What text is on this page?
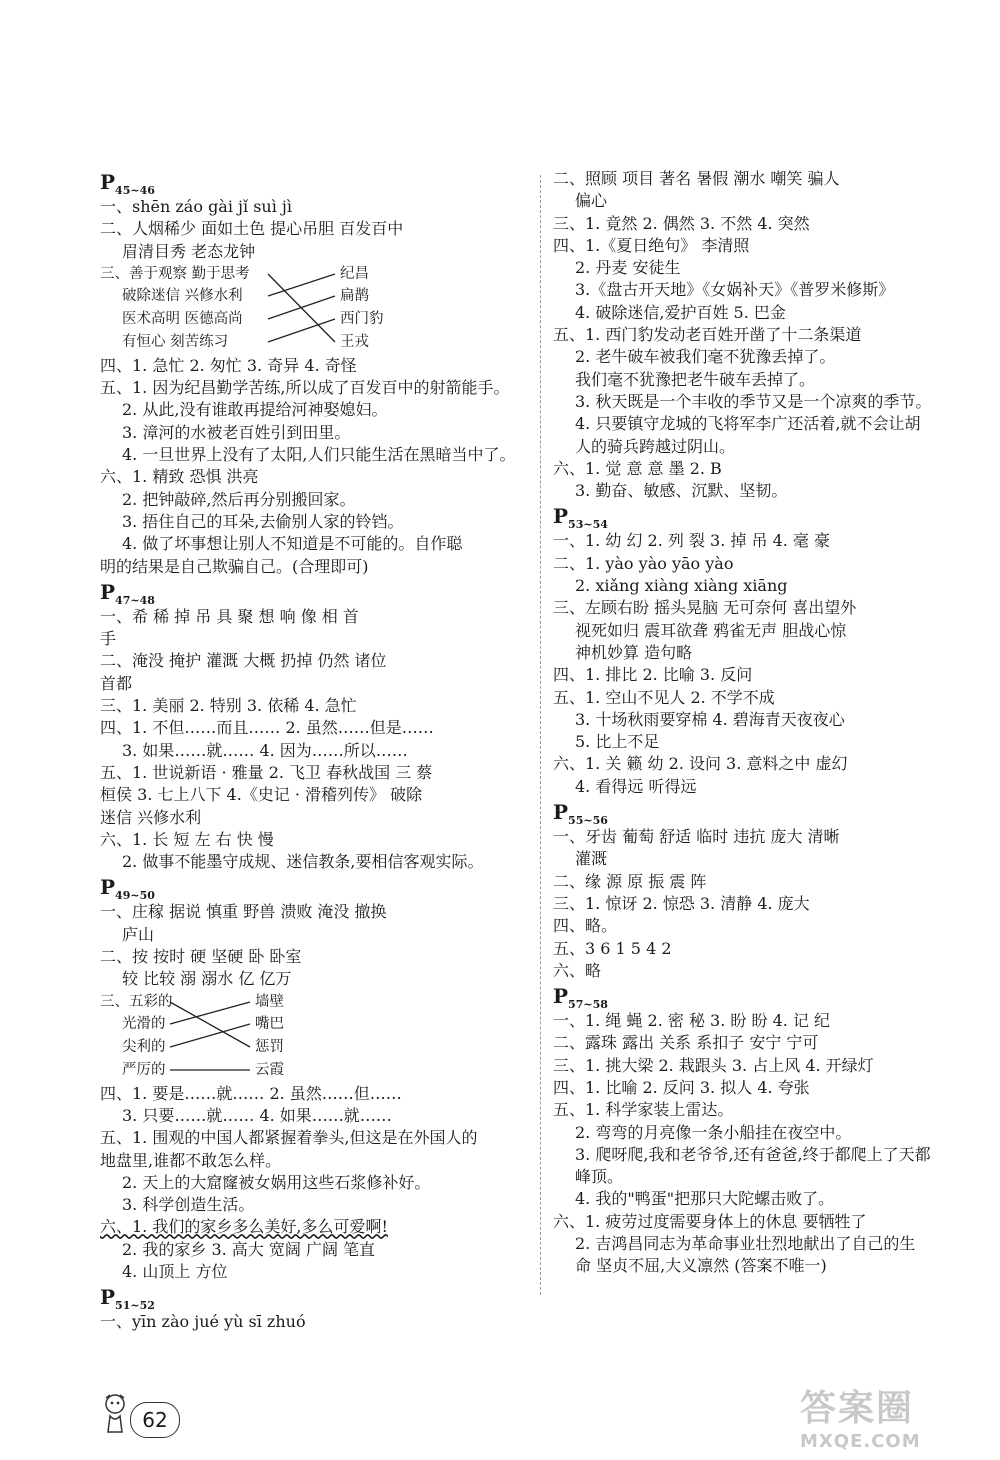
$P_{45\sim 46}$
一、shēn záo gài jǐ suì jì
二、人烟稀少 面如土色 提心吊胆 百发百中
眉清目秀 老态龙钟
三、善于观察 勤于思考
破除迷信 兴修水利
医术高明 医德高尚
有恒心 刻苦练习
纪昌
扁鹊
西门豹
王戎
四、1. 急忙 2. 匆忙 3. 奇异 4. 奇怪
五、1. 因为纪昌勤学苦练,所以成了百发百中的射箭能手。
2. 从此,没有谁敢再提给河神娶媳妇。
3. 漳河的水被老百姓引到田里。
4. 一旦世界上没有了太阳,人们只能生活在黑暗当中了。
六、1. 精致 恐惧 洪亮
2. 把钟敲碎,然后再分别搬回家。
3. 捂住自己的耳朵,去偷别人家的铃铛。
4. 做了坏事想让别人不知道是不可能的。自作聪
明的结果是自己欺骗自己。(合理即可)
$P_{47\sim 48}$
一、希 稀 掉 吊 具 聚 想 响 像 相 首
手
二、淹没 掩护 灌溉 大概 扔掉 仍然 诸位
首都
三、1. 美丽 2. 特别 3. 依稀 4. 急忙
四、1. 不但……而且…… 2. 虽然……但是……
3. 如果……就…… 4. 因为……所以……
五、1. 世说新语 · 雅量 2. 飞卫 春秋战国 三 蔡
桓侯 3. 七上八下 4.《史记 · 滑稽列传》 破除
迷信 兴修水利
六、1. 长 短 左 右 快 慢
2. 做事不能墨守成规、迷信教条,要相信客观实际。
$P_{49\sim 50}$
一、庄稼 据说 慎重 野兽 溃败 淹没 撤换
庐山
二、按 按时 硬 坚硬 卧 卧室
较 比较 溺 溺水 亿 亿万
三、五彩的
光滑的
尖利的
严厉的
墙壁
嘴巴
惩罚
云霞
四、1. 要是……就…… 2. 虽然……但……
3. 只要……就…… 4. 如果……就……
五、1. 围观的中国人都紧握着拳头,但这是在外国人的
地盘里,谁都不敢怎么样。
2. 天上的大窟窿被女娲用这些石浆修补好。
3. 科学创造生活。
六、1. 我们的家乡多么美好,多么可爱啊!
2. 我的家乡 3. 高大 宽阔 广阔 笔直
4. 山顶上 方位
$P_{51\sim 52}$
一、yīn zào jué yù sī zhuó
二、照顾 项目 著名 暑假 潮水 嘲笑 骗人
偏心
三、1. 竟然 2. 偶然 3. 不然 4. 突然
四、1.《夏日绝句》 李清照
2. 丹麦 安徒生
3.《盘古开天地》《女娲补天》《普罗米修斯》
4. 破除迷信,爱护百姓 5. 巴金
五、1. 西门豹发动老百姓开凿了十二条渠道
2. 老牛破车被我们毫不犹豫丢掉了。
我们毫不犹豫把老牛破车丢掉了。
3. 秋天既是一个丰收的季节又是一个凉爽的季节。
4. 只要镇守龙城的飞将军李广还活着,就不会让胡
人的骑兵跨越过阴山。
六、1. 觉 意 意 墨 2. B
3. 勤奋、敏感、沉默、坚韧。
$P_{53\sim 54}$
一、1. 幼 幻 2. 列 裂 3. 掉 吊 4. 毫 豪
二、1. yào yào yāo yào
2. xiǎng xiàng xiàng xiāng
三、左顾右盼 摇头晃脑 无可奈何 喜出望外
视死如归 震耳欲聋 鸦雀无声 胆战心惊
神机妙算 造句略
四、1. 排比 2. 比喻 3. 反问
五、1. 空山不见人 2. 不学不成
3. 十场秋雨要穿棉 4. 碧海青天夜夜心
5. 比上不足
六、1. 关 籁 幼 2. 设问 3. 意料之中 虚幻
4. 看得远 听得远
$P_{55\sim 56}$
一、牙齿 葡萄 舒适 临时 违抗 庞大 清晰
灌溉
二、缘 源 原 振 震 阵
三、1. 惊讶 2. 惊恐 3. 清静 4. 庞大
四、略。
五、3 6 1 5 4 2
六、略
$P_{57\sim 58}$
一、1. 绳 蝇 2. 密 秘 3. 盼 盼 4. 记 纪
二、露珠 露出 关系 系扣子 安宁 宁可
三、1. 挑大梁 2. 栽跟头 3. 占上风 4. 开绿灯
四、1. 比喻 2. 反问 3. 拟人 4. 夸张
五、1. 科学家装上雷达。
2. 弯弯的月亮像一条小船挂在夜空中。
3. 爬呀爬,我和老爷爷,还有爸爸,终于都爬上了天都
峰顶。
4. 我的"鸭蛋"把那只大陀螺击败了。
六、1. 疲劳过度需要身体上的休息 要牺牲了
2. 吉鸿昌同志为革命事业壮烈地献出了自己的生
命 坚贞不屈,大义凛然 (答案不唯一)
62	答案圈
MXQE.COM
